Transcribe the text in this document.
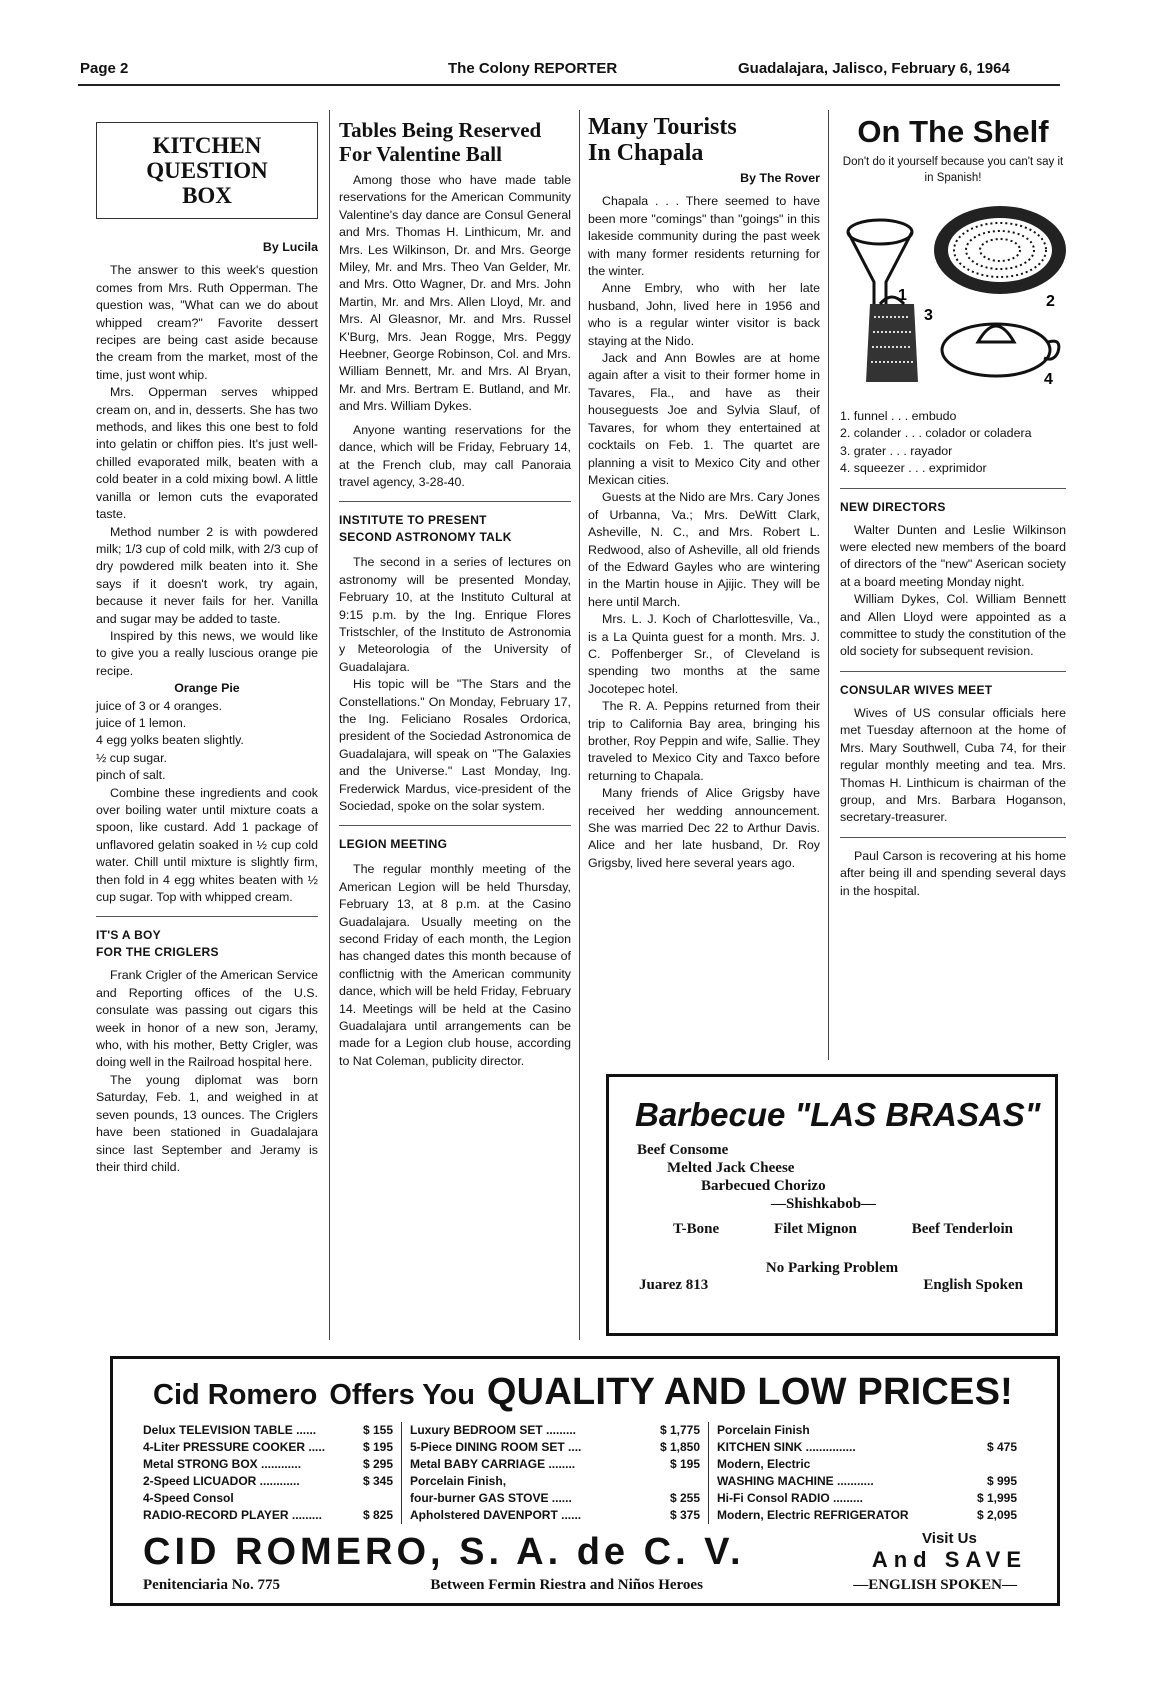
Page 2	The Colony REPORTER	Guadalajara, Jalisco, February 6, 1964
KITCHEN
QUESTION
BOX
By Lucila

The answer to this week's question comes from Mrs. Ruth Opperman. The question was, "What can we do about whipped cream?" Favorite dessert recipes are being cast aside because the cream from the market, most of the time, just wont whip.

Mrs. Opperman serves whipped cream on, and in, desserts. She has two methods, and likes this one best to fold into gelatin or chiffon pies. It's just well-chilled evaporated milk, beaten with a cold beater in a cold mixing bowl. A little vanilla or lemon cuts the evaporated taste.

Method number 2 is with powdered milk; 1/3 cup of cold milk, with 2/3 cup of dry powdered milk beaten into it. She says if it doesn't work, try again, because it never fails for her. Vanilla and sugar may be added to taste.

Inspired by this news, we would like to give you a really luscious orange pie recipe.

Orange Pie
juice of 3 or 4 oranges.
juice of 1 lemon.
4 egg yolks beaten slightly.
½ cup sugar.
pinch of salt.

Combine these ingredients and cook over boiling water until mixture coats a spoon, like custard. Add 1 package of unflavored gelatin soaked in ½ cup cold water. Chill until mixture is slightly firm, then fold in 4 egg whites beaten with ½ cup sugar. Top with whipped cream.

IT'S A BOY
FOR THE CRIGLERS

Frank Crigler of the American Service and Reporting offices of the U.S. consulate was passing out cigars this week in honor of a new son, Jeramy, who, with his mother, Betty Crigler, was doing well in the Railroad hospital here.

The young diplomat was born Saturday, Feb. 1, and weighed in at seven pounds, 13 ounces. The Criglers have been stationed in Guadalajara since last September and Jeramy is their third child.

Tables Being Reserved
For Valentine Ball

Among those who have made table reservations for the American Community Valentine's day dance are Consul General and Mrs. Thomas H. Linthicum, Mr. and Mrs. Les Wilkinson, Dr. and Mrs. George Miley, Mr. and Mrs. Theo Van Gelder, Mr. and Mrs. Otto Wagner, Dr. and Mrs. John Martin, Mr. and Mrs. Allen Lloyd, Mr. and Mrs. Al Gleasnor, Mr. and Mrs. Russel K'Burg, Mrs. Jean Rogge, Mrs. Peggy Heebner, George Robinson, Col. and Mrs. William Bennett, Mr. and Mrs. Al Bryan, Mr. and Mrs. Bertram E. Butland, and Mr. and Mrs. William Dykes.

Anyone wanting reservations for the dance, which will be Friday, February 14, at the French club, may call Panoraia travel agency, 3-28-40.

INSTITUTE TO PRESENT
SECOND ASTRONOMY TALK

The second in a series of lectures on astronomy will be presented Monday, February 10, at the Instituto Cultural at 9:15 p.m. by the Ing. Enrique Flores Tristschler, of the Instituto de Astronomia y Meteorologia of the University of Guadalajara.

His topic will be "The Stars and the Constellations." On Monday, February 17, the Ing. Feliciano Rosales Ordorica, president of the Sociedad Astronomica de Guadalajara, will speak on "The Galaxies and the Universe." Last Monday, Ing. Frederwick Mardus, vice-president of the Sociedad, spoke on the solar system.

LEGION MEETING

The regular monthly meeting of the American Legion will be held Thursday, February 13, at 8 p.m. at the Casino Guadalajara. Usually meeting on the second Friday of each month, the Legion has changed dates this month because of conflictnig with the American community dance, which will be held Friday, February 14. Meetings will be held at the Casino Guadalajara until arrangements can be made for a Legion club house, according to Nat Coleman, publicity director.

Many Tourists
In Chapala
By The Rover

Chapala . . . There seemed to have been more "comings" than "goings" in this lakeside community during the past week with many former residents returning for the winter.

Anne Embry, who with her late husband, John, lived here in 1956 and who is a regular winter visitor is back staying at the Nido.

Jack and Ann Bowles are at home again after a visit to their former home in Tavares, Fla., and have as their houseguests Joe and Sylvia Slauf, of Tavares, for whom they entertained at cocktails on Feb. 1. The quartet are planning a visit to Mexico City and other Mexican cities.

Guests at the Nido are Mrs. Cary Jones of Urbanna, Va.; Mrs. DeWitt Clark, Asheville, N. C., and Mrs. Robert L. Redwood, also of Asheville, all old friends of the Edward Gayles who are wintering in the Martin house in Ajijic. They will be here until March.

Mrs. L. J. Koch of Charlottesville, Va., is a La Quinta guest for a month. Mrs. J. C. Poffenberger Sr., of Cleveland is spending two months at the same Jocotepec hotel.

The R. A. Peppins returned from their trip to California Bay area, bringing his brother, Roy Peppin and wife, Sallie. They traveled to Mexico City and Taxco before returning to Chapala.

Many friends of Alice Grigsby have received her wedding announcement. She was married Dec 22 to Arthur Davis. Alice and her late husband, Dr. Roy Grigsby, lived here several years ago.

On The Shelf
Don't do it yourself because you can't say it in Spanish!
1	2
3
4
1. funnel . . . embudo
2. colander . . . colador or coladera
3. grater . . . rayador
4. squeezer . . . exprimidor
NEW DIRECTORS

Walter Dunten and Leslie Wilkinson were elected new members of the board of directors of the "new" Aserican society at a board meeting Monday night.

William Dykes, Col. William Bennett and Allen Lloyd were appointed as a committee to study the constitution of the old society for subsequent revision.

CONSULAR WIVES MEET

Wives of US consular officials here met Tuesday afternoon at the home of Mrs. Mary Southwell, Cuba 74, for their regular monthly meeting and tea. Mrs. Thomas H. Linthicum is chairman of the group, and Mrs. Barbara Hoganson, secretary-treasurer.

Paul Carson is recovering at his home after being ill and spending several days in the hospital.

Barbecue "LAS BRASAS"
Beef Consome
Melted Jack Cheese
Barbecued Chorizo
—Shishkabob—
T-Bone	Filet Mignon	Beef Tenderloin
No Parking Problem
Juarez 813	English Spoken
Cid Romero Offers You QUALITY AND LOW PRICES!
Delux TELEVISION TABLE ......	$ 155
4-Liter PRESSURE COOKER .....	$ 195
Metal STRONG BOX ............	$ 295
2-Speed LICUADOR ............	$ 345
4-Speed Consol
RADIO-RECORD PLAYER .........	$ 825
Luxury BEDROOM SET .........	$ 1,775
5-Piece DINING ROOM SET ....	$ 1,850
Metal BABY CARRIAGE ........	$ 195
Porcelain Finish,
four-burner GAS STOVE ......	$ 255
Apholstered DAVENPORT ......	$ 375
Porcelain Finish
KITCHEN SINK ...............	$ 475
Modern, Electric
WASHING MACHINE ...........	$ 995
Hi-Fi Consol RADIO .........	$ 1,995
Modern, Electric REFRIGERATOR	$ 2,095
CID ROMERO, S. A. de C. V.	Visit Us
And SAVE
Penitenciaria No. 775	Between Fermin Riestra and Niños Heroes	—ENGLISH SPOKEN—
